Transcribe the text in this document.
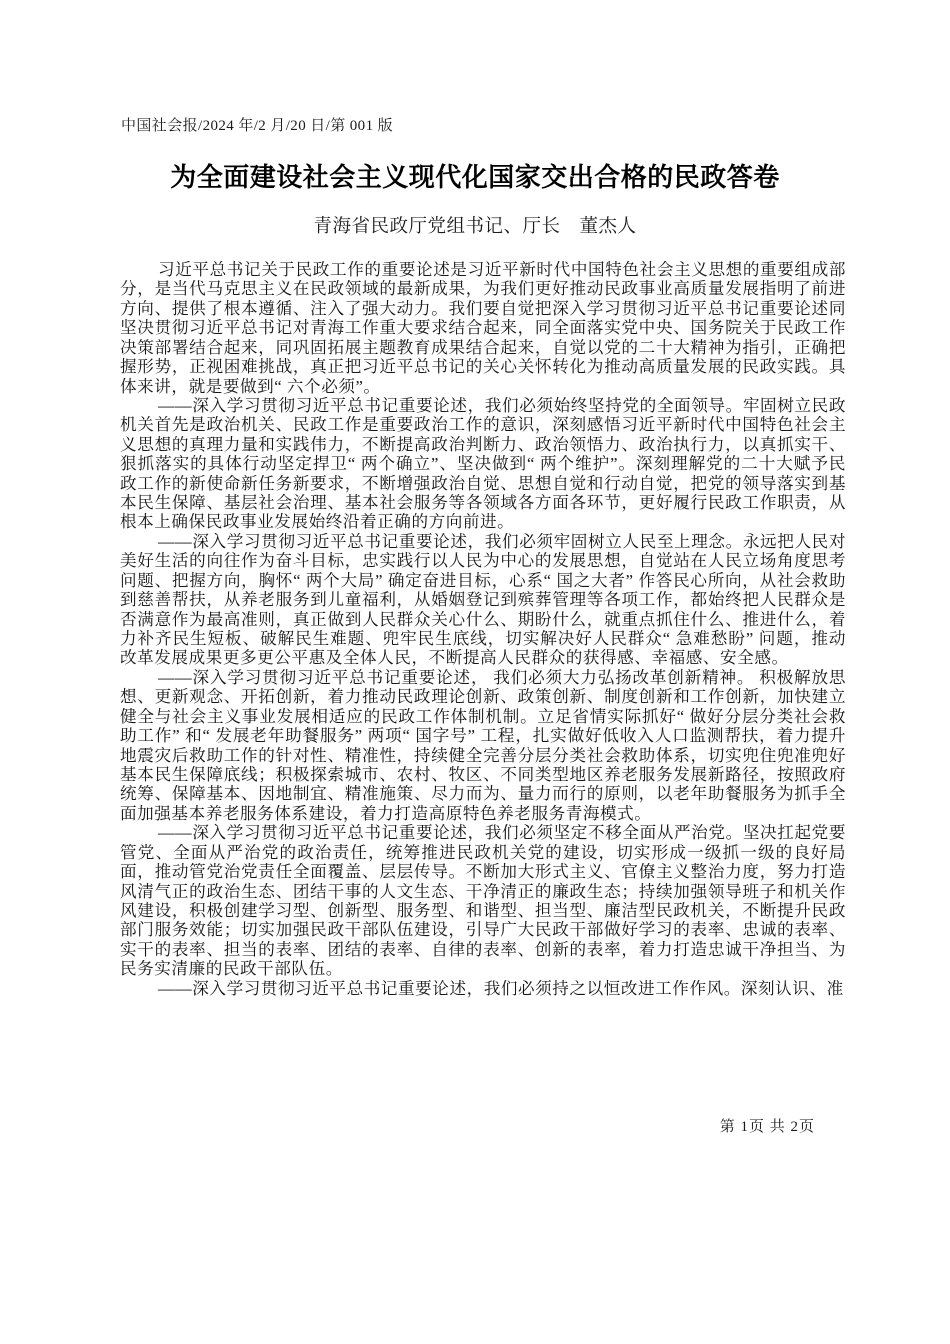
中国社会报/2024 年/2 月/20 日/第 001 版
为全面建设社会主义现代化国家交出合格的民政答卷
青海省民政厅党组书记、厅长　董杰人

习近平总书记关于民政工作的重要论述是习近平新时代中国特色社会主义思想的重要组成部分，是当代马克思主义在民政领域的最新成果，为我们更好推动民政事业高质量发展指明了前进方向、提供了根本遵循、注入了强大动力。我们要自觉把深入学习贯彻习近平总书记重要论述同坚决贯彻习近平总书记对青海工作重大要求结合起来，同全面落实党中央、国务院关于民政工作决策部署结合起来，同巩固拓展主题教育成果结合起来，自觉以党的二十大精神为指引，正确把握形势，正视困难挑战，真正把习近平总书记的关心关怀转化为推动高质量发展的民政实践。具体来讲，就是要做到“ 六个必须”。

——深入学习贯彻习近平总书记重要论述，我们必须始终坚持党的全面领导。牢固树立民政机关首先是政治机关、民政工作是重要政治工作的意识，深刻感悟习近平新时代中国特色社会主义思想的真理力量和实践伟力，不断提高政治判断力、政治领悟力、政治执行力，以真抓实干、狠抓落实的具体行动坚定捍卫“ 两个确立”、坚决做到“ 两个维护”。深刻理解党的二十大赋予民政工作的新使命新任务新要求，不断增强政治自觉、思想自觉和行动自觉，把党的领导落实到基本民生保障、基层社会治理、基本社会服务等各领域各方面各环节，更好履行民政工作职责，从根本上确保民政事业发展始终沿着正确的方向前进。

——深入学习贯彻习近平总书记重要论述，我们必须牢固树立人民至上理念。永远把人民对美好生活的向往作为奋斗目标，忠实践行以人民为中心的发展思想，自觉站在人民立场角度思考问题、把握方向，胸怀“ 两个大局” 确定奋进目标，心系“ 国之大者” 作答民心所向，从社会救助到慈善帮扶，从养老服务到儿童福利，从婚姻登记到殡葬管理等各项工作，都始终把人民群众是否满意作为最高准则，真正做到人民群众关心什么、期盼什么，就重点抓住什么、推进什么，着力补齐民生短板、破解民生难题、兜牢民生底线，切实解决好人民群众“ 急难愁盼” 问题，推动改革发展成果更多更公平惠及全体人民，不断提高人民群众的获得感、幸福感、安全感。

——深入学习贯彻习近平总书记重要论述， 我们必须大力弘扬改革创新精神。 积极解放思想、更新观念、开拓创新，着力推动民政理论创新、政策创新、制度创新和工作创新，加快建立健全与社会主义事业发展相适应的民政工作体制机制。立足省情实际抓好“ 做好分层分类社会救助工作” 和“ 发展老年助餐服务” 两项“ 国字号” 工程，扎实做好低收入人口监测帮扶，着力提升地震灾后救助工作的针对性、精准性，持续健全完善分层分类社会救助体系，切实兜住兜准兜好基本民生保障底线；积极探索城市、农村、牧区、不同类型地区养老服务发展新路径，按照政府统筹、保障基本、因地制宜、精准施策、尽力而为、量力而行的原则，以老年助餐服务为抓手全面加强基本养老服务体系建设，着力打造高原特色养老服务青海模式。

——深入学习贯彻习近平总书记重要论述，我们必须坚定不移全面从严治党。坚决扛起党要管党、全面从严治党的政治责任，统筹推进民政机关党的建设，切实形成一级抓一级的良好局面，推动管党治党责任全面覆盖、层层传导。不断加大形式主义、官僚主义整治力度，努力打造风清气正的政治生态、团结干事的人文生态、干净清正的廉政生态；持续加强领导班子和机关作风建设，积极创建学习型、创新型、服务型、和谐型、担当型、廉洁型民政机关，不断提升民政部门服务效能；切实加强民政干部队伍建设，引导广大民政干部做好学习的表率、忠诚的表率、实干的表率、担当的表率、团结的表率、自律的表率、创新的表率，着力打造忠诚干净担当、为民务实清廉的民政干部队伍。

——深入学习贯彻习近平总书记重要论述，我们必须持之以恒改进工作作风。深刻认识、准

第 1页 共 2页
